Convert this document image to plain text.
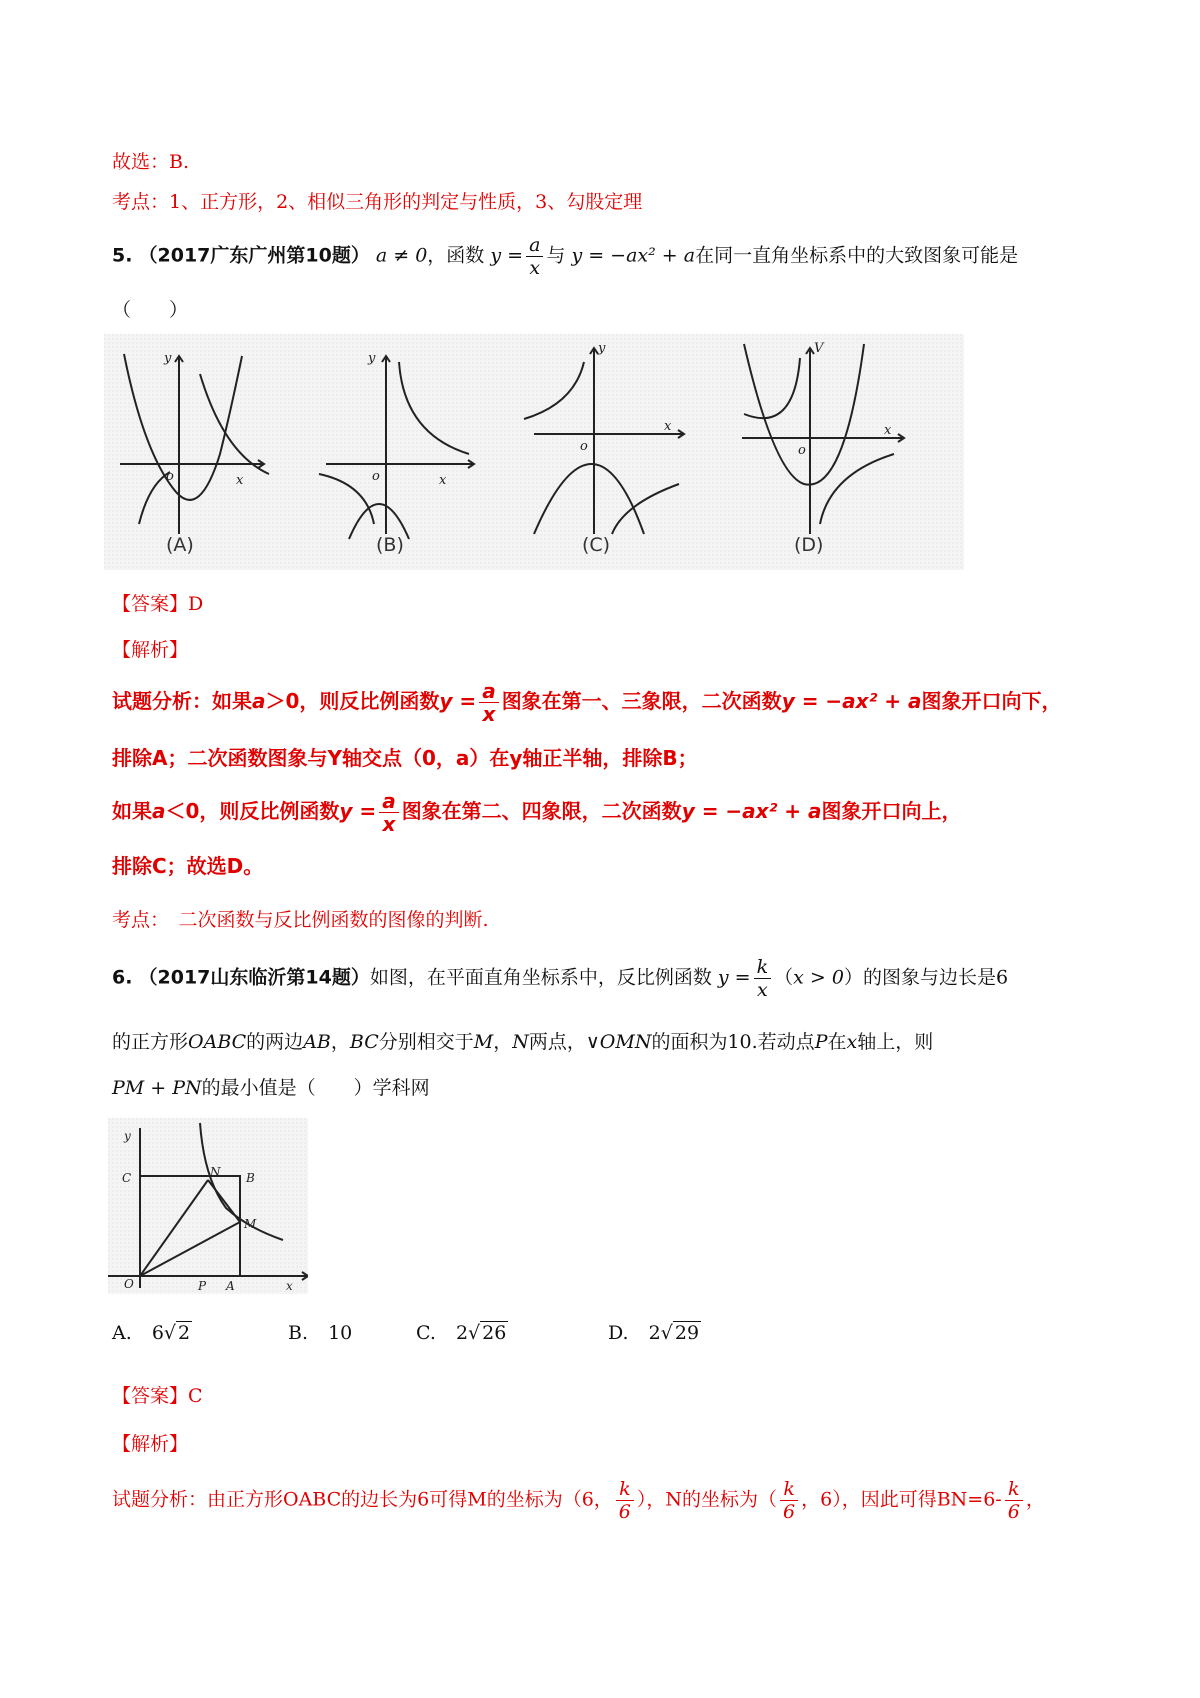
故选：B.
考点：1、正方形，2、相似三角形的判定与性质，3、勾股定理
5. （2017广东广州第10题） a ≠ 0，函数 $y = \frac{a}{x}$ 与 y = −ax² + a在同一直角坐标系中的大致图象可能是
（　　）
o	x
y
o	x
y
o
x
y
o
x
V
(A)	(B)	(C)	(D)
【答案】D
【解析】
试题分析：如果a＞0，则反比例函数$y = \frac{a}{x}$ 图象在第一、三象限，二次函数y = −ax² + a图象开口向下，
排除A；二次函数图象与Y轴交点（0，a）在y轴正半轴，排除B；
如果a＜0，则反比例函数$y = \frac{a}{x}$ 图象在第二、四象限，二次函数y = −ax² + a图象开口向上，
排除C；故选D。
考点：　二次函数与反比例函数的图像的判断.
6. （2017山东临沂第14题）如图，在平面直角坐标系中，反比例函数 $y = \frac{k}{x} (x > 0)$的图象与边长是6
的正方形OABC的两边AB，BC分别相交于M，N两点，∨OMN的面积为10.若动点P在x轴上，则
PM + PN的最小值是（　　）学科网
y
C	N B
M
O	P A	x
A. 6√ 2	B. 10	C. 2√ 26	D. 2√ 29
【答案】C
【解析】
试题分析：由正方形OABC的边长为6可得M的坐标为（6， $\frac{k}{6}$ ），N的坐标为（ $\frac{k}{6}$ ，6），因此可得$BN=6- \frac{k}{6}$ ，
